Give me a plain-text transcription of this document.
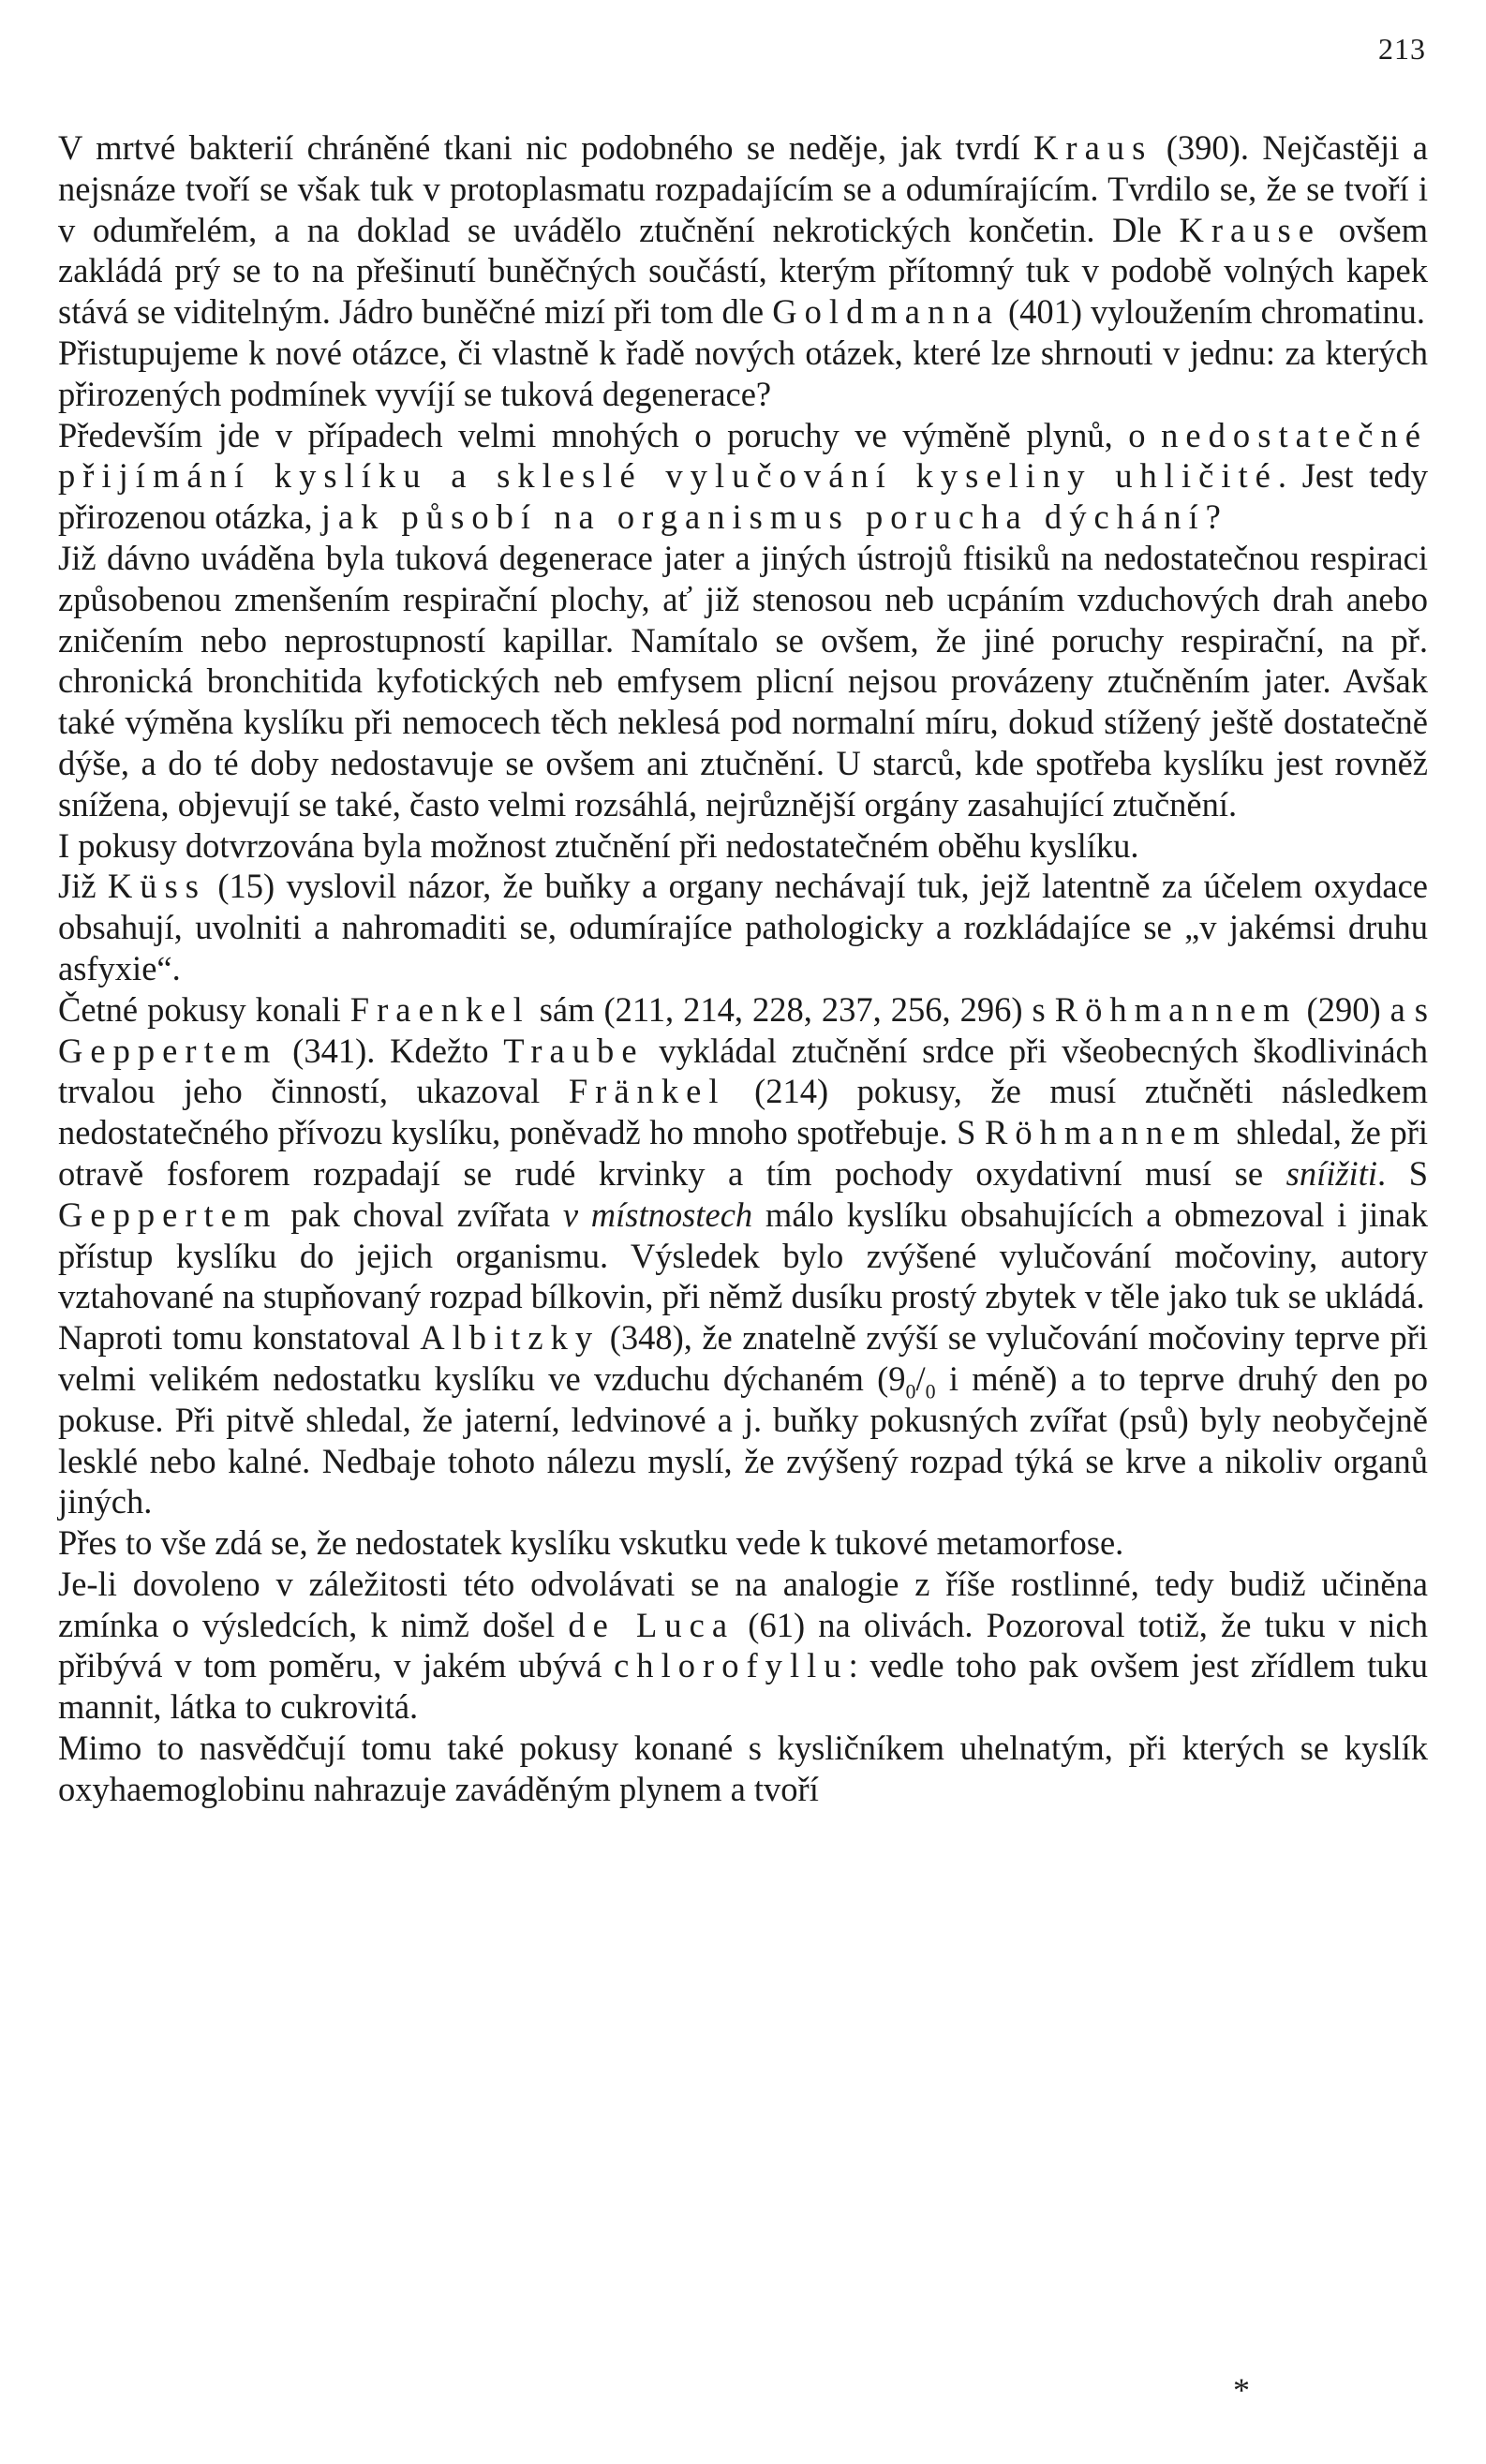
213

V mrtvé bakterií chráněné tkani nic podobného se neděje, jak tvrdí Kraus (390). Nejčastěji a nejsnáze tvoří se však tuk v protoplasmatu rozpadajícím se a odumírajícím. Tvrdilo se, že se tvoří i v odumřelém, a na doklad se uvádělo ztučnění nekrotických končetin. Dle Krause ovšem zakládá prý se to na přešinutí buněčných součástí, kterým přítomný tuk v podobě volných kapek stává se viditelným. Jádro buněčné mizí při tom dle Goldmanna (401) vyloužením chromatinu.

Přistupujeme k nové otázce, či vlastně k řadě nových otázek, které lze shrnouti v jednu: za kterých přirozených podmínek vyvíjí se tuková degenerace?

Především jde v případech velmi mnohých o poruchy ve výměně plynů, o nedostatečné přijímání kyslíku a skleslé vylučování kyseliny uhličité. Jest tedy přirozenou otázka, jak působí na organismus porucha dýchání?

Již dávno uváděna byla tuková degenerace jater a jiných ústrojů ftisiků na nedostatečnou respiraci způsobenou zmenšením respirační plochy, ať již stenosou neb ucpáním vzduchových drah anebo zničením nebo neprostupností kapillar. Namítalo se ovšem, že jiné poruchy respirační, na př. chronická bronchitida kyfotických neb emfysem plicní nejsou provázeny ztučněním jater. Avšak také výměna kyslíku při nemocech těch neklesá pod normalní míru, dokud stížený ještě dostatečně dýše, a do té doby nedostavuje se ovšem ani ztučnění. U starců, kde spotřeba kyslíku jest rovněž snížena, objevují se také, často velmi rozsáhlá, nejrůznější orgány zasahující ztučnění.

I pokusy dotvrzována byla možnost ztučnění při nedostatečném oběhu kyslíku.

Již Küss (15) vyslovil názor, že buňky a organy nechávají tuk, jejž latentně za účelem oxydace obsahují, uvolniti a nahromaditi se, odumírajíce pathologicky a rozkládajíce se „v jakémsi druhu asfyxie“.

Četné pokusy konali Fraenkel sám (211, 214, 228, 237, 256, 296) s Röhmannem (290) a s Geppertem (341). Kdežto Traube vykládal ztučnění srdce při všeobecných škodlivinách trvalou jeho činností, ukazoval Fränkel (214) pokusy, že musí ztučněti následkem nedostatečného přívozu kyslíku, poněvadž ho mnoho spotřebuje. S Röhmannem shledal, že při otravě fosforem rozpadají se rudé krvinky a tím pochody oxydativní musí se sníižiti. S Geppertem pak choval zvířata v místnostech málo kyslíku obsahujících a obmezoval i jinak přístup kyslíku do jejich organismu. Výsledek bylo zvýšené vylučování močoviny, autory vztahované na stupňovaný rozpad bílkovin, při němž dusíku prostý zbytek v těle jako tuk se ukládá.

Naproti tomu konstatoval Albitzky (348), že znatelně zvýší se vylučování močoviny teprve při velmi velikém nedostatku kyslíku ve vzduchu dýchaném ($9_0/_0$ i méně) a to teprve druhý den po pokuse. Při pitvě shledal, že jaterní, ledvinové a j. buňky pokusných zvířat (psů) byly neobyčejně lesklé nebo kalné. Nedbaje tohoto nálezu myslí, že zvýšený rozpad týká se krve a nikoliv organů jiných.

Přes to vše zdá se, že nedostatek kyslíku vskutku vede k tukové metamorfose.

Je-li dovoleno v záležitosti této odvolávati se na analogie z říše rostlinné, tedy budiž učiněna zmínka o výsledcích, k nimž došel de Luca (61) na olivách. Pozoroval totiž, že tuku v nich přibývá v tom poměru, v jakém ubývá chlorofyllu: vedle toho pak ovšem jest zřídlem tuku mannit, látka to cukrovitá.

Mimo to nasvědčují tomu také pokusy konané s kysličníkem uhelnatým, při kterých se kyslík oxyhaemoglobinu nahrazuje zaváděným plynem a tvoří

*
